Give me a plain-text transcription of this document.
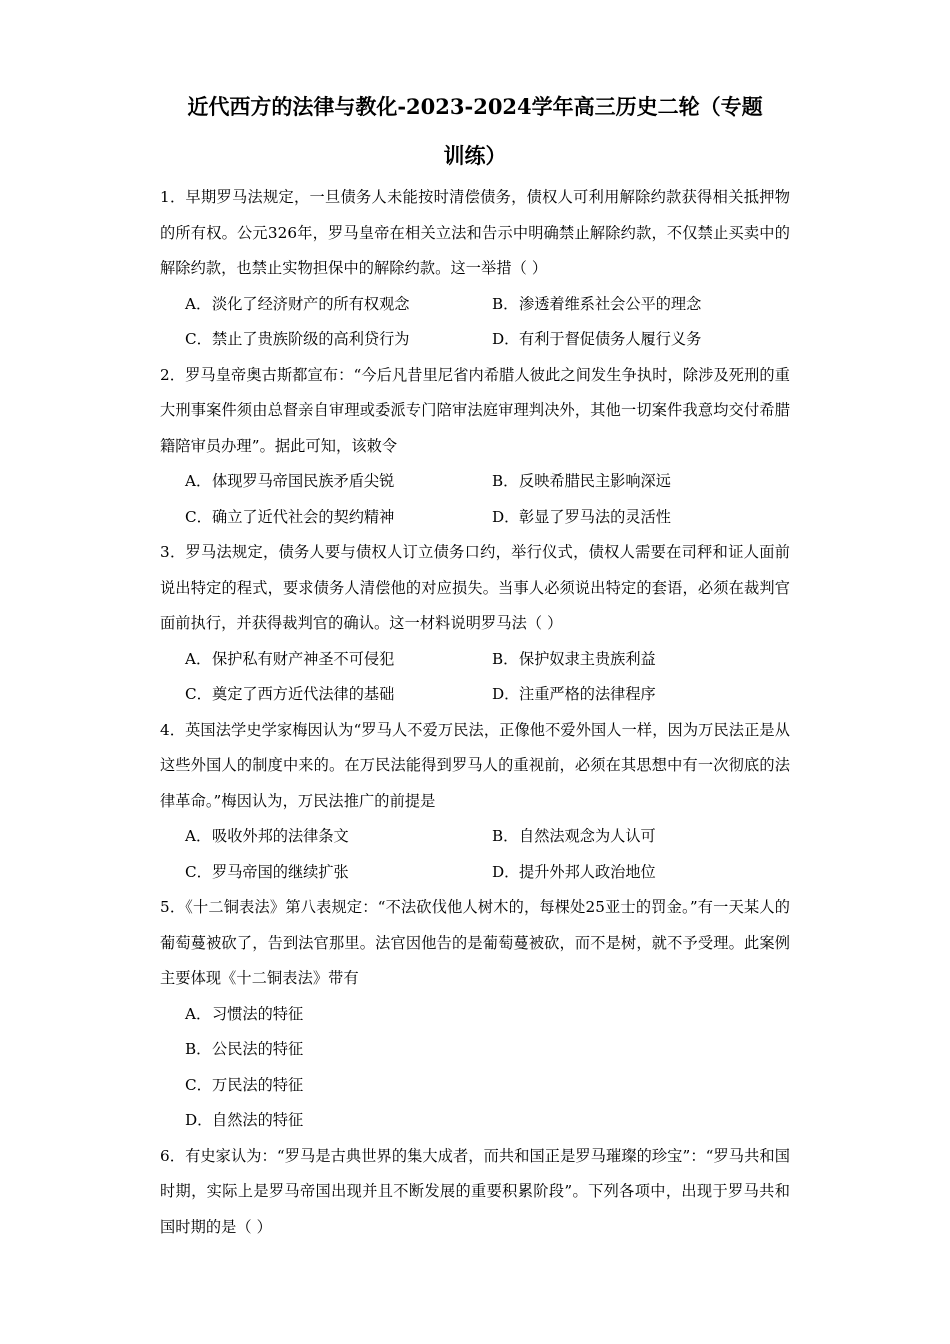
近代西方的法律与教化-2023-2024学年高三历史二轮（专题
训练）

1．早期罗马法规定，一旦债务人未能按时清偿债务，债权人可利用解除约款获得相关抵押物的所有权。公元326年，罗马皇帝在相关立法和告示中明确禁止解除约款，不仅禁止买卖中的解除约款，也禁止实物担保中的解除约款。这一举措（ ）

A．淡化了经济财产的所有权观念	B．渗透着维系社会公平的理念
C．禁止了贵族阶级的高利贷行为	D．有利于督促债务人履行义务

2．罗马皇帝奥古斯都宣布：“今后凡昔里尼省内希腊人彼此之间发生争执时，除涉及死刑的重大刑事案件须由总督亲自审理或委派专门陪审法庭审理判决外，其他一切案件我意均交付希腊籍陪审员办理”。据此可知，该敕令

A．体现罗马帝国民族矛盾尖锐	B．反映希腊民主影响深远
C．确立了近代社会的契约精神	D．彰显了罗马法的灵活性

3．罗马法规定，债务人要与债权人订立债务口约，举行仪式，债权人需要在司秤和证人面前说出特定的程式，要求债务人清偿他的对应损失。当事人必须说出特定的套语，必须在裁判官面前执行，并获得裁判官的确认。这一材料说明罗马法（ ）

A．保护私有财产神圣不可侵犯	B．保护奴隶主贵族利益
C．奠定了西方近代法律的基础	D．注重严格的法律程序

4．英国法学史学家梅因认为“罗马人不爱万民法，正像他不爱外国人一样，因为万民法正是从这些外国人的制度中来的。在万民法能得到罗马人的重视前，必须在其思想中有一次彻底的法律革命。”梅因认为，万民法推广的前提是

A．吸收外邦的法律条文	B．自然法观念为人认可
C．罗马帝国的继续扩张	D．提升外邦人政治地位

5．《十二铜表法》第八表规定：“不法砍伐他人树木的，每棵处25亚士的罚金。”有一天某人的葡萄蔓被砍了，告到法官那里。法官因他告的是葡萄蔓被砍，而不是树，就不予受理。此案例主要体现《十二铜表法》带有

A．习惯法的特征
B．公民法的特征
C．万民法的特征
D．自然法的特征

6．有史家认为：“罗马是古典世界的集大成者，而共和国正是罗马璀璨的珍宝”：“罗马共和国时期，实际上是罗马帝国出现并且不断发展的重要积累阶段”。下列各项中，出现于罗马共和国时期的是（ ）
